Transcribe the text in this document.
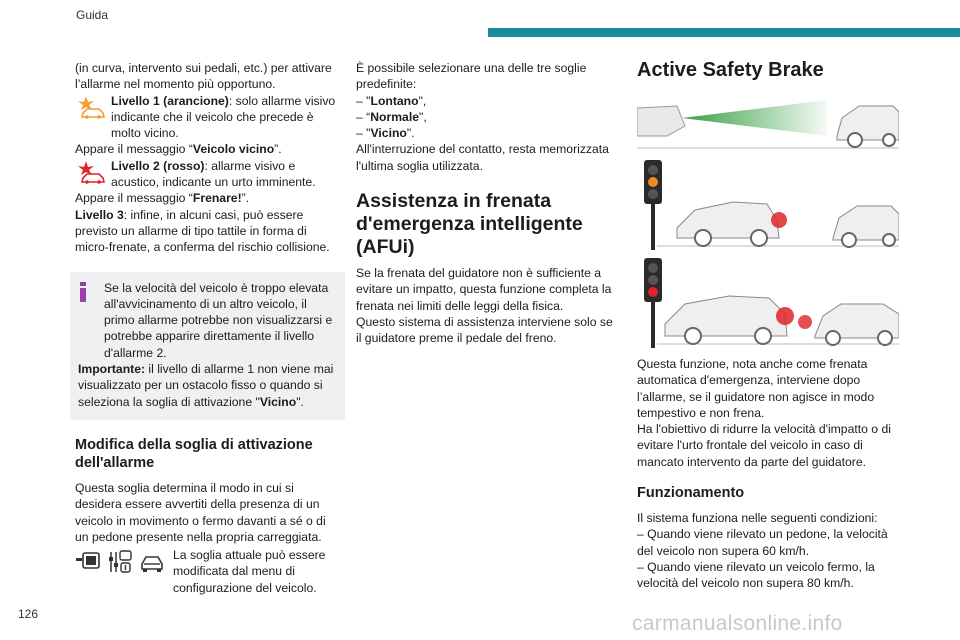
Guida

(in curva, intervento sui pedali, etc.) per attivare l’allarme nel momento più opportuno.

Livello 1 (arancione): solo allarme visivo indicante che il veicolo che precede è molto vicino.

Appare il messaggio “Veicolo vicino”.

Livello 2 (rosso): allarme visivo e acustico, indicante un urto imminente.

Appare il messaggio “Frenare!”.

Livello 3: infine, in alcuni casi, può essere previsto un allarme di tipo tattile in forma di micro-frenate, a conferma del rischio collisione.

Se la velocità del veicolo è troppo elevata all'avvicinamento di un altro veicolo, il primo allarme potrebbe non visualizzarsi e potrebbe apparire direttamente il livello d'allarme 2.

Importante: il livello di allarme 1 non viene mai visualizzato per un ostacolo fisso o quando si seleziona la soglia di attivazione "Vicino".

Modifica della soglia di attivazione dell'allarme

Questa soglia determina il modo in cui si desidera essere avvertiti della presenza di un veicolo in movimento o fermo davanti a sé o di un pedone presente nella propria carreggiata.

La soglia attuale può essere modificata dal menu di configurazione del veicolo.

È possibile selezionare una delle tre soglie predefinite:

– "Lontano",

– “Normale",

– "Vicino".

All'interruzione del contatto, resta memorizzata l'ultima soglia utilizzata.

Assistenza in frenata d'emergenza intelligente (AFUi)

Se la frenata del guidatore non è sufficiente a evitare un impatto, questa funzione completa la frenata nei limiti delle leggi della fisica.

Questo sistema di assistenza interviene solo se il guidatore preme il pedale del freno.

Active Safety Brake

Questa funzione, nota anche come frenata automatica d'emergenza, interviene dopo l’allarme, se il guidatore non agisce in modo tempestivo e non frena.

Ha l'obiettivo di ridurre la velocità d'impatto o di evitare l'urto frontale del veicolo in caso di mancato intervento da parte del guidatore.

Funzionamento

Il sistema funziona nelle seguenti condizioni:

– Quando viene rilevato un pedone, la velocità del veicolo non supera 60 km/h.

– Quando viene rilevato un veicolo fermo, la velocità del veicolo non supera 80 km/h.

126	carmanualsonline.info
